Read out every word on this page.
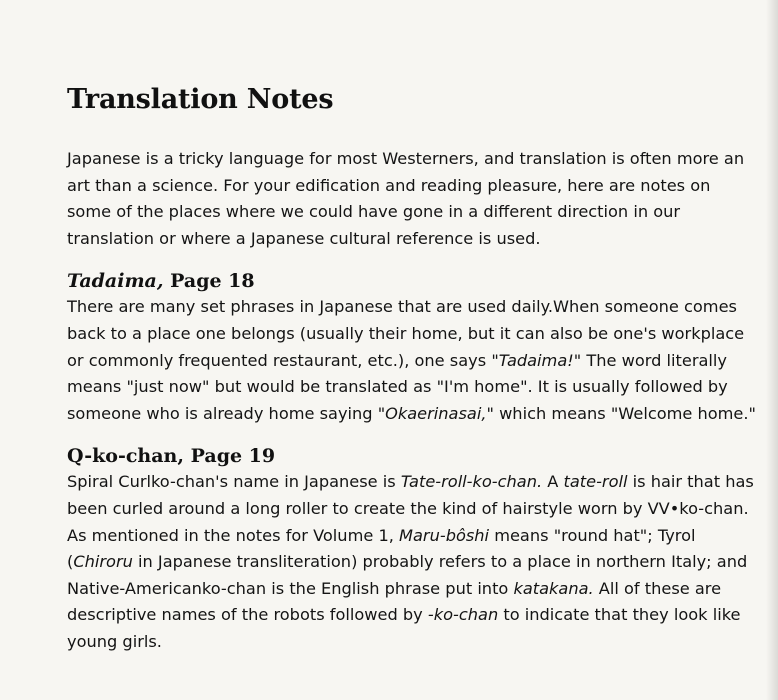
Translation Notes

Japanese is a tricky language for most Westerners, and translation is often more an art than a science. For your edification and reading pleasure, here are notes on some of the places where we could have gone in a different direction in our translation or where a Japanese cultural reference is used.

Tadaima, Page 18

There are many set phrases in Japanese that are used daily.When someone comes back to a place one belongs (usually their home, but it can also be one's workplace or commonly frequented restaurant, etc.), one says "Tadaima!" The word literally means "just now" but would be translated as "I'm home". It is usually followed by someone who is already home saying "Okaerinasai," which means "Welcome home."

Q-ko-chan, Page 19

Spiral Curlko-chan's name in Japanese is Tate-roll-ko-chan. A tate-roll is hair that has been curled around a long roller to create the kind of hairstyle worn by VV•ko-chan. As mentioned in the notes for Volume 1, Maru-bôshi means "round hat"; Tyrol (Chiroru in Japanese transliteration) probably refers to a place in northern Italy; and Native-Americanko-chan is the English phrase put into katakana. All of these are descriptive names of the robots followed by -ko-chan to indicate that they look like young girls.
